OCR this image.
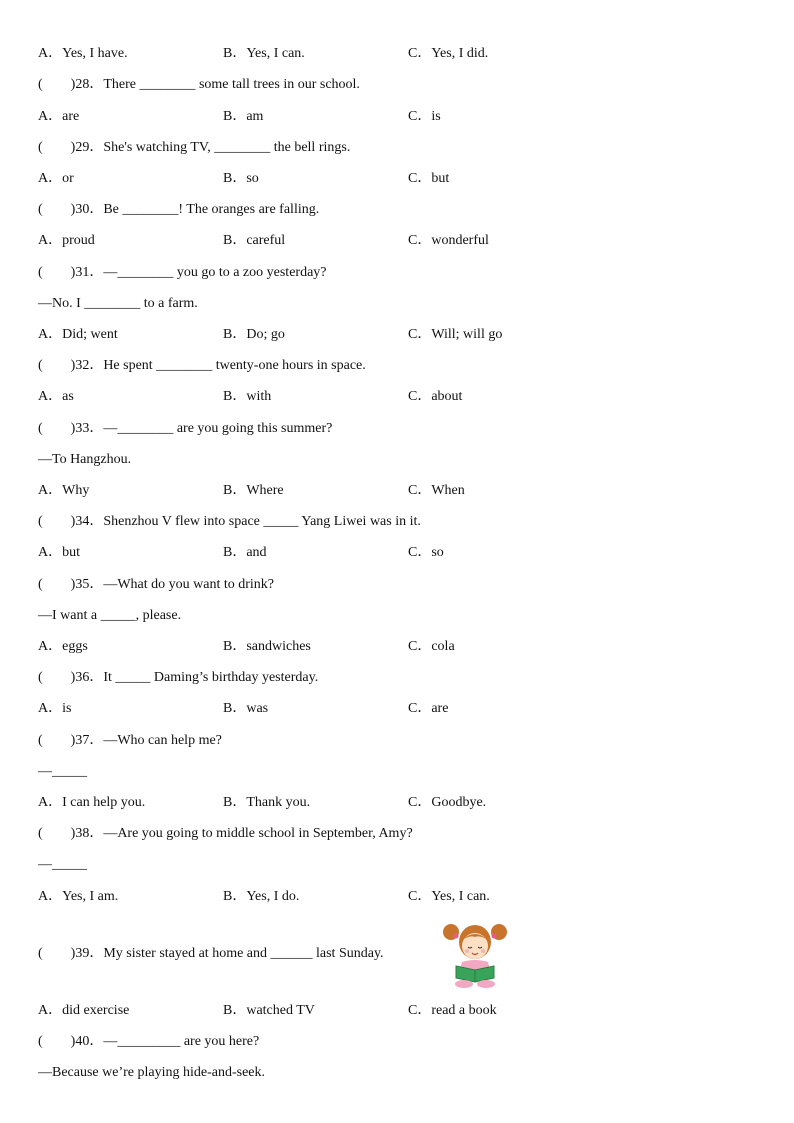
A．Yes, I have.	B．Yes, I can.	C．Yes, I did.
(　　)28．There ________ some tall trees in our school.
A．are	B．am	C．is
(　　)29．She's watching TV, ________ the bell rings.
A．or	B．so	C．but
(　　)30．Be ________! The oranges are falling.
A．proud	B．careful	C．wonderful
(　　)31．—________ you go to a zoo yesterday?
—No. I ________ to a farm.
A．Did; went	B．Do; go	C．Will; will go
(　　)32．He spent ________ twenty-one hours in space.
A．as	B．with	C．about
(　　)33．—________ are you going this summer?
—To Hangzhou.
A．Why	B．Where	C．When
(　　)34．Shenzhou V flew into space _____ Yang Liwei was in it.
A．but	B．and	C．so
(　　)35．—What do you want to drink?
—I want a _____, please.
A．eggs	B．sandwiches	C．cola
(　　)36．It _____ Daming’s birthday yesterday.
A．is	B．was	C．are
(　　)37．—Who can help me?
—_____
A．I can help you.	B．Thank you.	C．Goodbye.
(　　)38．—Are you going to middle school in September, Amy?
—_____
A．Yes, I am.	B．Yes, I do.	C．Yes, I can.
(　　)39．My sister stayed at home and ______ last Sunday.
A．did exercise	B．watched TV	C．read a book
(　　)40．—_________ are you here?
—Because we’re playing hide-and-seek.
